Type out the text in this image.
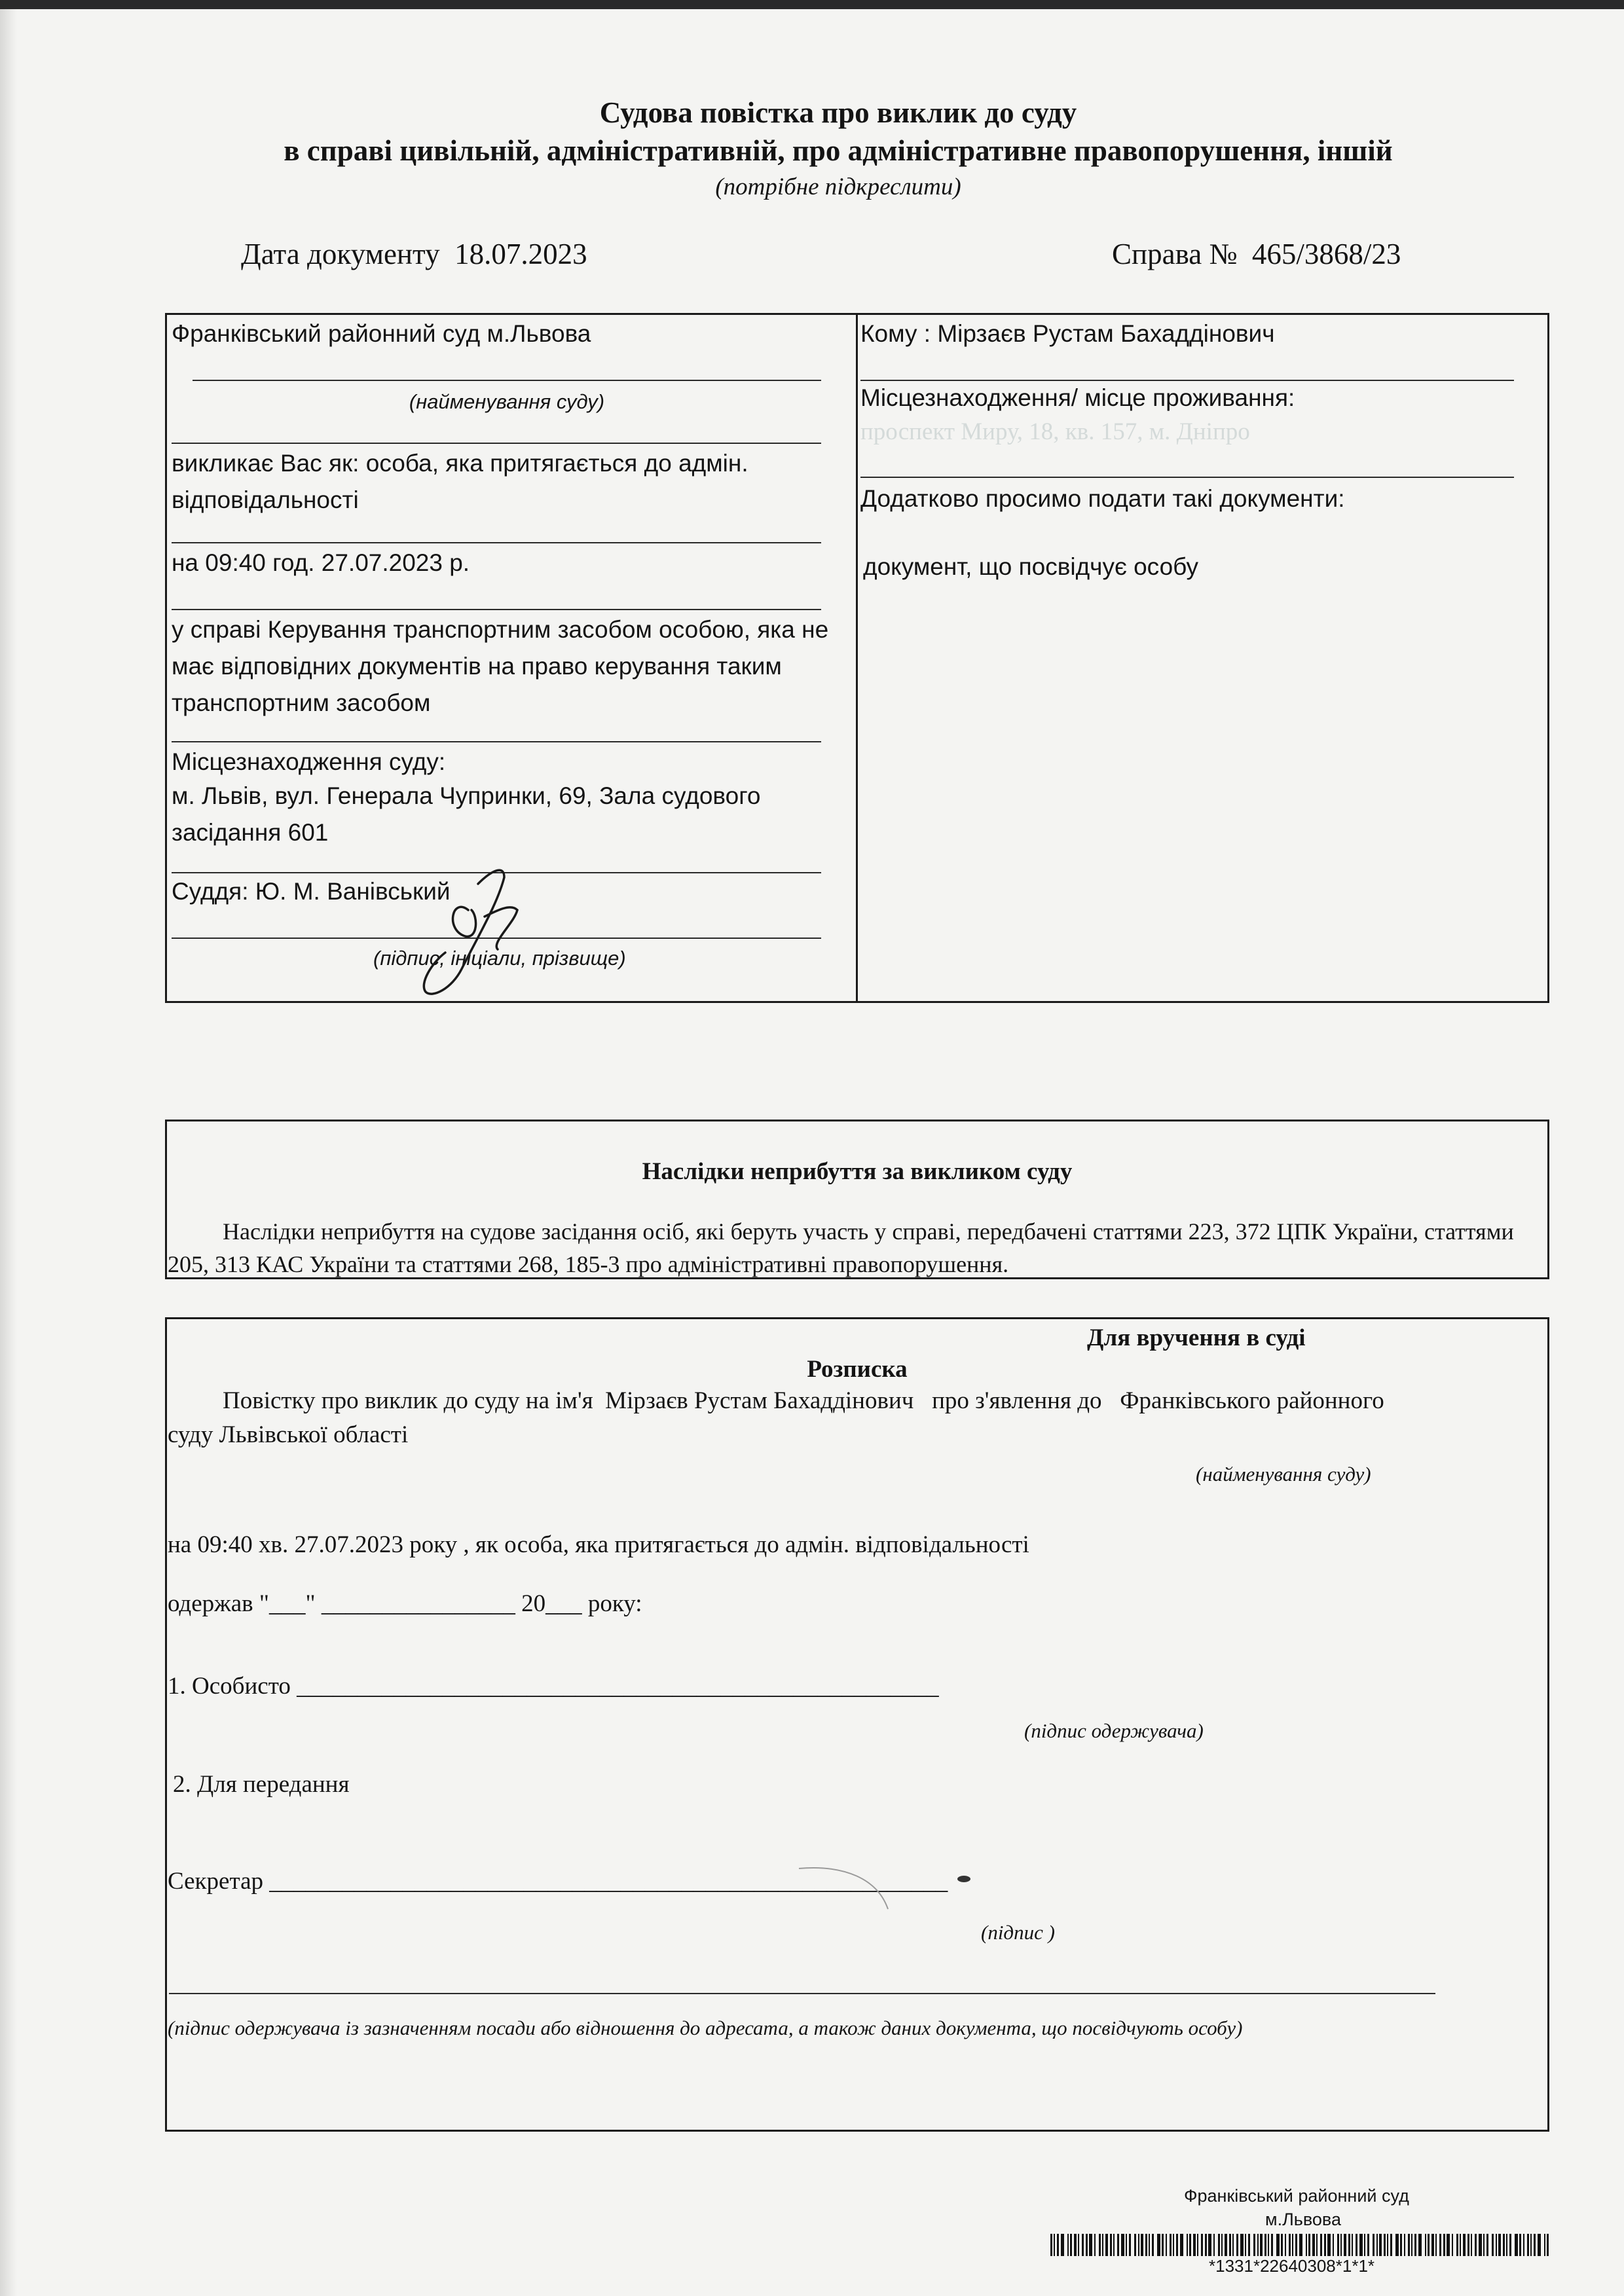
Судова повістка про виклик до суду
в справі цивільній, адміністративній, про адміністративне правопорушення, іншій
(потрібне підкреслити)
Дата документу 18.07.2023	Справа № 465/3868/23
Франківський районний суд м.Львова
(найменування суду)
викликає Вас як: особа, яка притягається до адмін. відповідальності
на 09:40 год. 27.07.2023 р.
у справі Керування транспортним засобом особою, яка не має відповідних документів на право керування таким транспортним засобом
Місцезнаходження суду:
м. Львів, вул. Генерала Чупринки, 69, Зала судового засідання 601
Суддя: Ю. М. Ванівський
(підпис, ініціали, прізвище)
Кому : Мірзаєв Рустам Бахаддінович
Місцезнаходження/ місце проживання:
проспект Миру, 18, кв. 157, м. Дніпро
Додатково просимо подати такі документи:
документ, що посвідчує особу
Наслідки неприбуття за викликом суду
Наслідки неприбуття на судове засідання осіб, які беруть участь у справі, передбачені статтями 223, 372 ЦПК України, статтями 205, 313 КАС України та статтями 268, 185-3 про адміністративні правопорушення.
Для вручення в суді
Розписка
Повістку про виклик до суду на ім'я Мірзаєв Рустам Бахаддінович про з'явлення до Франківського районного
суду Львівської області
(найменування суду)
на 09:40 хв. 27.07.2023 року , як особа, яка притягається до адмін. відповідальності
одержав "___" ________________ 20___ року:
1. Особисто _____________________________________________________
(підпис одержувача)
2. Для передання
Секретар ________________________________________________________
(підпис )
(підпис одержувача із зазначенням посади або відношення до адресата, а також даних документа, що посвідчують особу)
Франківський районний суд
м.Львова
*1331*22640308*1*1*
